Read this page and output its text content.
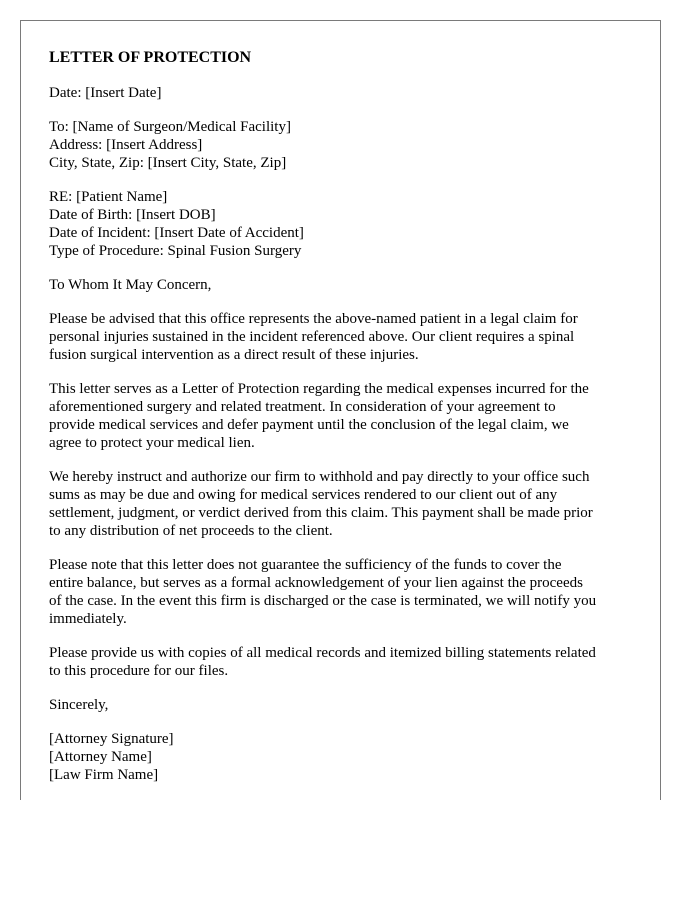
LETTER OF PROTECTION
Date: [Insert Date]
To: [Name of Surgeon/Medical Facility]
Address: [Insert Address]
City, State, Zip: [Insert City, State, Zip]
RE: [Patient Name]
Date of Birth: [Insert DOB]
Date of Incident: [Insert Date of Accident]
Type of Procedure: Spinal Fusion Surgery
To Whom It May Concern,
Please be advised that this office represents the above-named patient in a legal claim for
personal injuries sustained in the incident referenced above. Our client requires a spinal
fusion surgical intervention as a direct result of these injuries.
This letter serves as a Letter of Protection regarding the medical expenses incurred for the
aforementioned surgery and related treatment. In consideration of your agreement to
provide medical services and defer payment until the conclusion of the legal claim, we
agree to protect your medical lien.
We hereby instruct and authorize our firm to withhold and pay directly to your office such
sums as may be due and owing for medical services rendered to our client out of any
settlement, judgment, or verdict derived from this claim. This payment shall be made prior
to any distribution of net proceeds to the client.
Please note that this letter does not guarantee the sufficiency of the funds to cover the
entire balance, but serves as a formal acknowledgement of your lien against the proceeds
of the case. In the event this firm is discharged or the case is terminated, we will notify you
immediately.
Please provide us with copies of all medical records and itemized billing statements related
to this procedure for our files.
Sincerely,
[Attorney Signature]
[Attorney Name]
[Law Firm Name]
